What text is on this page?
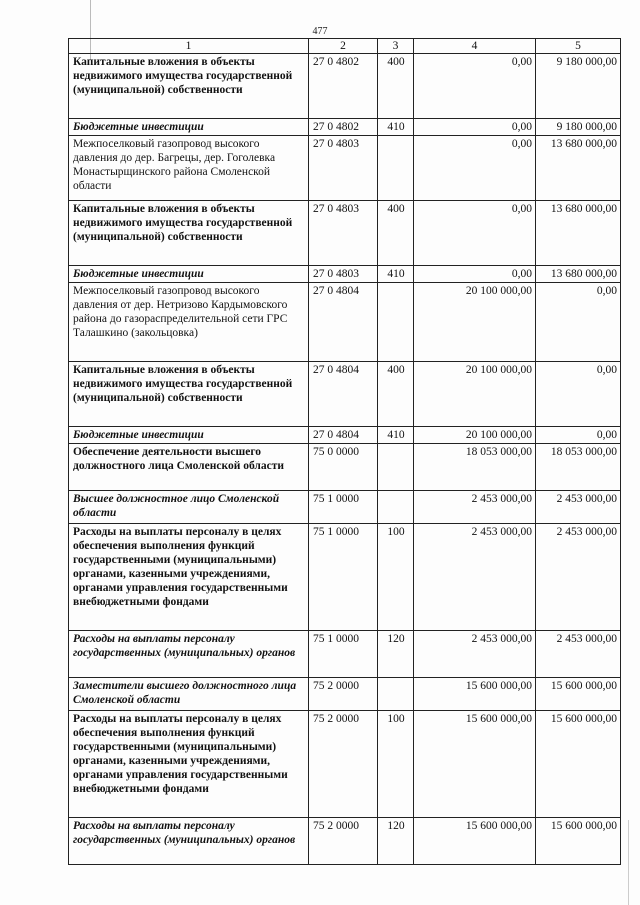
477
1	2	3	4	5
Капитальные вложения в объекты недвижимого имущества государственной (муниципальной) собственности	27 0 4802	400	0,00	9 180 000,00
Бюджетные инвестиции	27 0 4802	410	0,00	9 180 000,00
Межпоселковый газопровод высокого давления до дер. Багрецы, дер. Гоголевка Монастырщинского района Смоленской области	27 0 4803		0,00	13 680 000,00
Капитальные вложения в объекты недвижимого имущества государственной (муниципальной) собственности	27 0 4803	400	0,00	13 680 000,00
Бюджетные инвестиции	27 0 4803	410	0,00	13 680 000,00
Межпоселковый газопровод высокого давления от дер. Нетризово Кардымовского района до газораспределительной сети ГРС Талашкино (закольцовка)	27 0 4804		20 100 000,00	0,00
Капитальные вложения в объекты недвижимого имущества государственной (муниципальной) собственности	27 0 4804	400	20 100 000,00	0,00
Бюджетные инвестиции	27 0 4804	410	20 100 000,00	0,00
Обеспечение деятельности высшего должностного лица Смоленской области	75 0 0000		18 053 000,00	18 053 000,00
Высшее должностное лицо Смоленской области	75 1 0000		2 453 000,00	2 453 000,00
Расходы на выплаты персоналу в целях обеспечения выполнения функций государственными (муниципальными) органами, казенными учреждениями, органами управления государственными внебюджетными фондами	75 1 0000	100	2 453 000,00	2 453 000,00
Расходы на выплаты персоналу государственных (муниципальных) органов	75 1 0000	120	2 453 000,00	2 453 000,00
Заместители высшего должностного лица Смоленской области	75 2 0000		15 600 000,00	15 600 000,00
Расходы на выплаты персоналу в целях обеспечения выполнения функций государственными (муниципальными) органами, казенными учреждениями, органами управления государственными внебюджетными фондами	75 2 0000	100	15 600 000,00	15 600 000,00
Расходы на выплаты персоналу государственных (муниципальных) органов	75 2 0000	120	15 600 000,00	15 600 000,00
